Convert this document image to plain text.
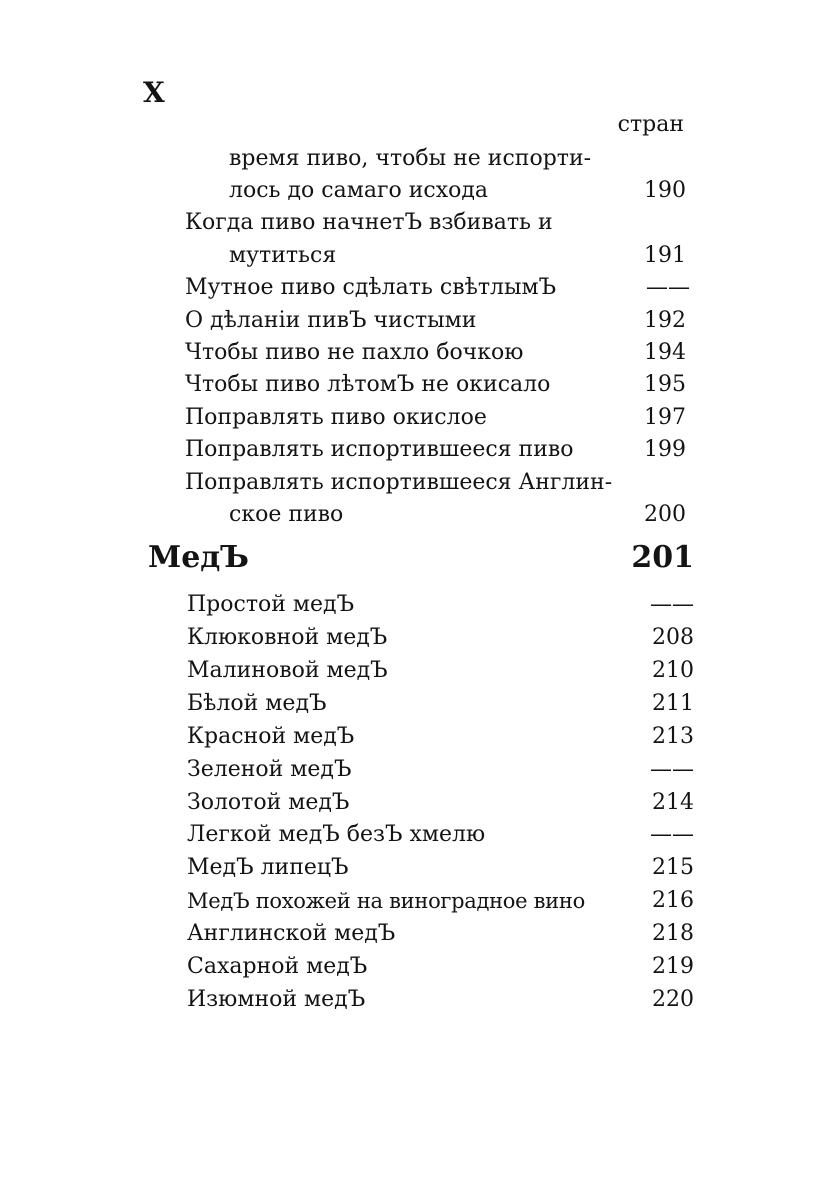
X
стран
время пиво, чтобы не испорти-
лось до самаго исхода	190
Когда пиво начнетЪ взбивать и
мутиться	191
Мутное пиво сдѣлать свѣтлымЪ	——
О дѣланіи пивЪ чистыми	192
Чтобы пиво не пахло бочкою	194
Чтобы пиво лѣтомЪ не окисало	195
Поправлять пиво окислое	197
Поправлять испортившееся пиво	199
Поправлять испортившееся Англин-
ское пиво	200
МедЪ	201
Простой медЪ	——
Клюковной медЪ	208
Малиновой медЪ	210
Бѣлой медЪ	211
Красной медЪ	213
Зеленой медЪ	——
Золотой медЪ	214
Легкой медЪ безЪ хмелю	——
МедЪ липецЪ	215
МедЪ похожей на виноградное вино	216
Англинской медЪ	218
Сахарной медЪ	219
Изюмной медЪ	220
